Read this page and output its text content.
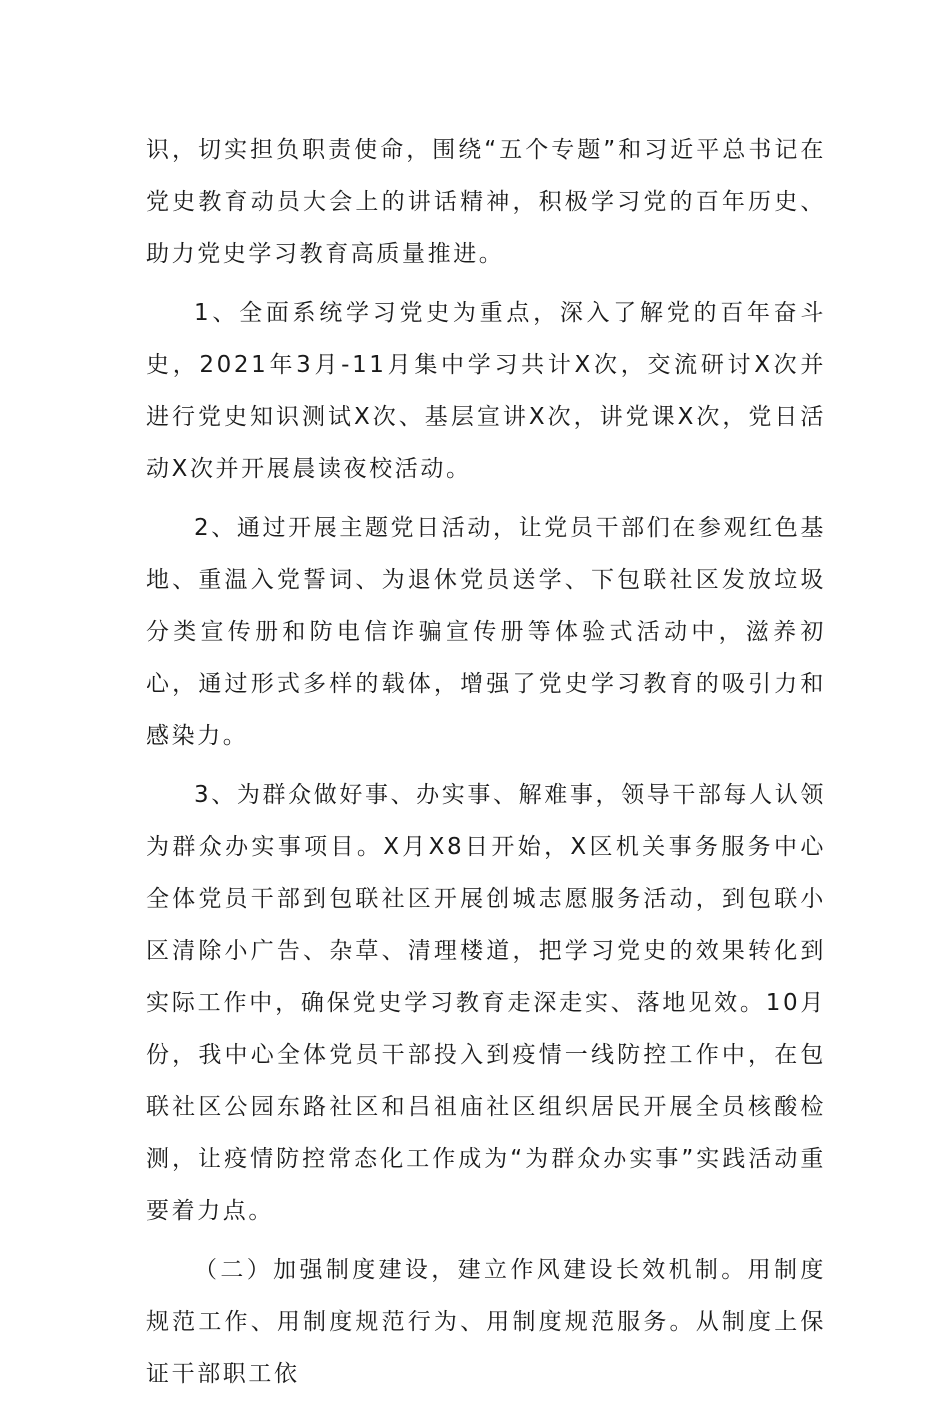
识，切实担负职责使命，围绕“五个专题”和习近平总书记在党史教育动员大会上的讲话精神，积极学习党的百年历史、助力党史学习教育高质量推进。

1、全面系统学习党史为重点，深入了解党的百年奋斗史，2021年3月-11月集中学习共计X次，交流研讨X次并进行党史知识测试X次、基层宣讲X次，讲党课X次，党日活动X次并开展晨读夜校活动。

2、通过开展主题党日活动，让党员干部们在参观红色基地、重温入党誓词、为退休党员送学、下包联社区发放垃圾分类宣传册和防电信诈骗宣传册等体验式活动中，滋养初心，通过形式多样的载体，增强了党史学习教育的吸引力和感染力。

3、为群众做好事、办实事、解难事，领导干部每人认领为群众办实事项目。X月X8日开始，X区机关事务服务中心全体党员干部到包联社区开展创城志愿服务活动，到包联小区清除小广告、杂草、清理楼道，把学习党史的效果转化到实际工作中，确保党史学习教育走深走实、落地见效。10月份，我中心全体党员干部投入到疫情一线防控工作中，在包联社区公园东路社区和吕祖庙社区组织居民开展全员核酸检测，让疫情防控常态化工作成为“为群众办实事”实践活动重要着力点。

（二）加强制度建设，建立作风建设长效机制。用制度规范工作、用制度规范行为、用制度规范服务。从制度上保证干部职工依
